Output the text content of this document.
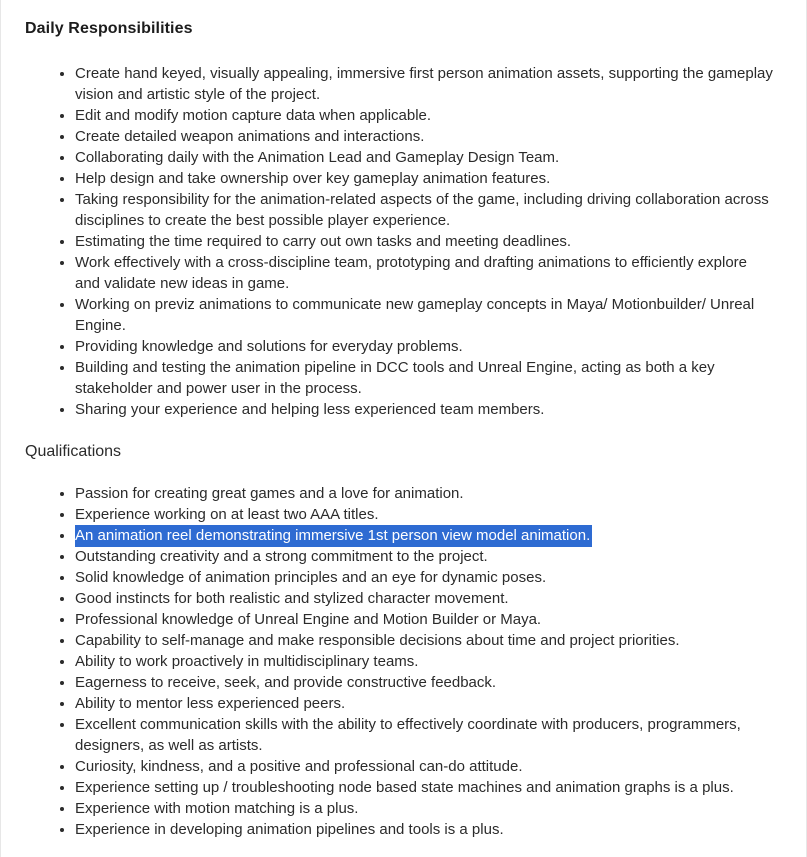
Daily Responsibilities

• Create hand keyed, visually appealing, immersive first person animation assets, supporting the gameplay vision and artistic style of the project.
• Edit and modify motion capture data when applicable.
• Create detailed weapon animations and interactions.
• Collaborating daily with the Animation Lead and Gameplay Design Team.
• Help design and take ownership over key gameplay animation features.
• Taking responsibility for the animation-related aspects of the game, including driving collaboration across disciplines to create the best possible player experience.
• Estimating the time required to carry out own tasks and meeting deadlines.
• Work effectively with a cross-discipline team, prototyping and drafting animations to efficiently explore and validate new ideas in game.
• Working on previz animations to communicate new gameplay concepts in Maya/ Motionbuilder/ Unreal Engine.
• Providing knowledge and solutions for everyday problems.
• Building and testing the animation pipeline in DCC tools and Unreal Engine, acting as both a key stakeholder and power user in the process.
• Sharing your experience and helping less experienced team members.

Qualifications

• Passion for creating great games and a love for animation.
• Experience working on at least two AAA titles.
• An animation reel demonstrating immersive 1st person view model animation.
• Outstanding creativity and a strong commitment to the project.
• Solid knowledge of animation principles and an eye for dynamic poses.
• Good instincts for both realistic and stylized character movement.
• Professional knowledge of Unreal Engine and Motion Builder or Maya.
• Capability to self-manage and make responsible decisions about time and project priorities.
• Ability to work proactively in multidisciplinary teams.
• Eagerness to receive, seek, and provide constructive feedback.
• Ability to mentor less experienced peers.
• Excellent communication skills with the ability to effectively coordinate with producers, programmers, designers, as well as artists.
• Curiosity, kindness, and a positive and professional can-do attitude.
• Experience setting up / troubleshooting node based state machines and animation graphs is a plus.
• Experience with motion matching is a plus.
• Experience in developing animation pipelines and tools is a plus.
